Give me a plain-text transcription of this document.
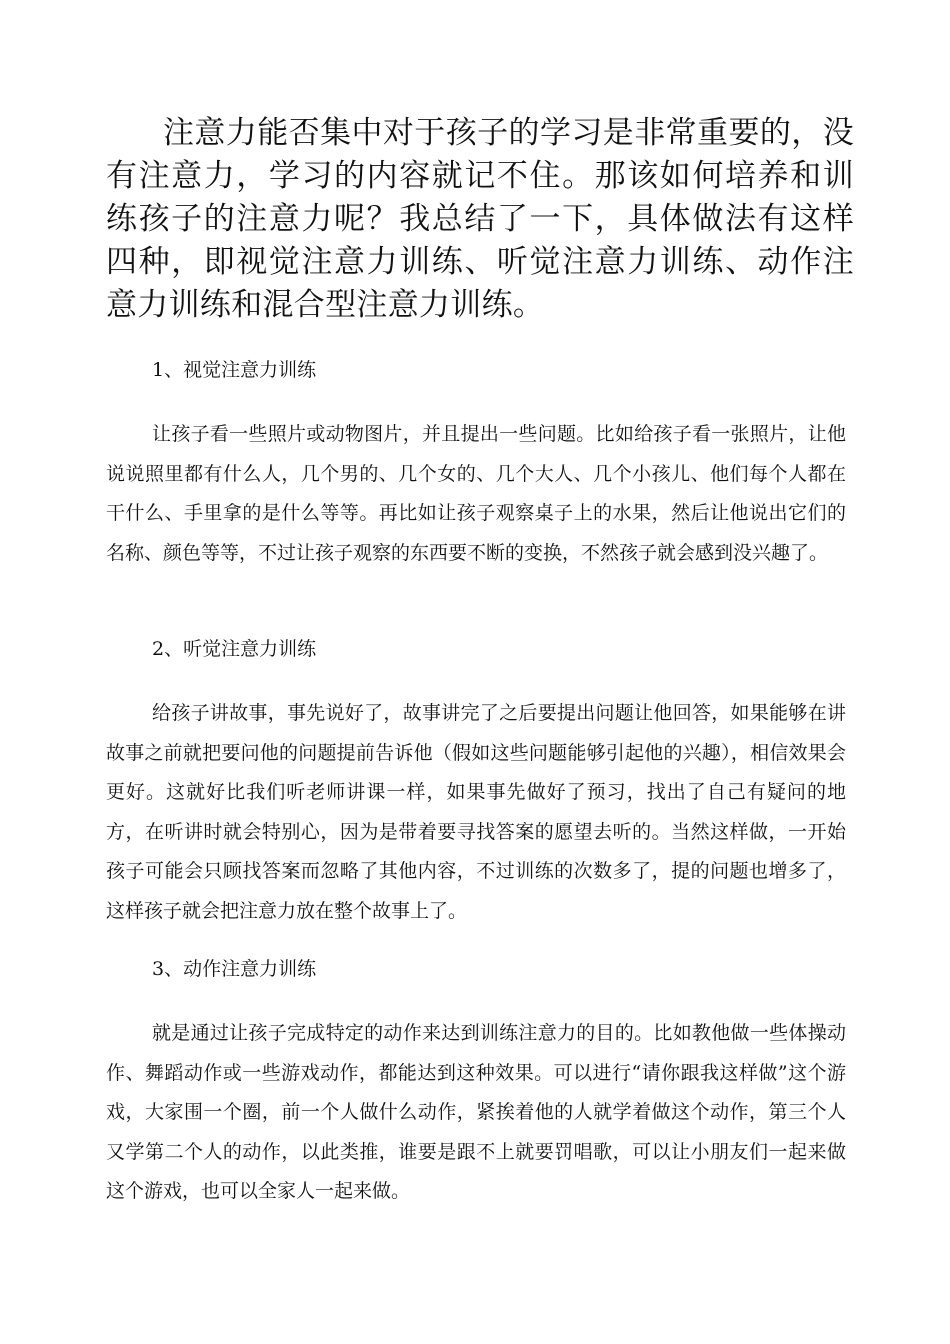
注意力能否集中对于孩子的学习是非常重要的，没有注意力，学习的内容就记不住。那该如何培养和训练孩子的注意力呢？我总结了一下，具体做法有这样四种，即视觉注意力训练、听觉注意力训练、动作注意力训练和混合型注意力训练。

1、视觉注意力训练

让孩子看一些照片或动物图片，并且提出一些问题。比如给孩子看一张照片，让他说说照里都有什么人，几个男的、几个女的、几个大人、几个小孩儿、他们每个人都在干什么、手里拿的是什么等等。再比如让孩子观察桌子上的水果，然后让他说出它们的名称、颜色等等，不过让孩子观察的东西要不断的变换，不然孩子就会感到没兴趣了。

2、听觉注意力训练

给孩子讲故事，事先说好了，故事讲完了之后要提出问题让他回答，如果能够在讲故事之前就把要问他的问题提前告诉他（假如这些问题能够引起他的兴趣），相信效果会更好。这就好比我们听老师讲课一样，如果事先做好了预习，找出了自己有疑问的地方，在听讲时就会特别心，因为是带着要寻找答案的愿望去听的。当然这样做，一开始孩子可能会只顾找答案而忽略了其他内容，不过训练的次数多了，提的问题也增多了，这样孩子就会把注意力放在整个故事上了。

3、动作注意力训练

就是通过让孩子完成特定的动作来达到训练注意力的目的。比如教他做一些体操动作、舞蹈动作或一些游戏动作，都能达到这种效果。可以进行“请你跟我这样做”这个游戏，大家围一个圈，前一个人做什么动作，紧挨着他的人就学着做这个动作，第三个人又学第二个人的动作，以此类推，谁要是跟不上就要罚唱歌，可以让小朋友们一起来做这个游戏，也可以全家人一起来做。
